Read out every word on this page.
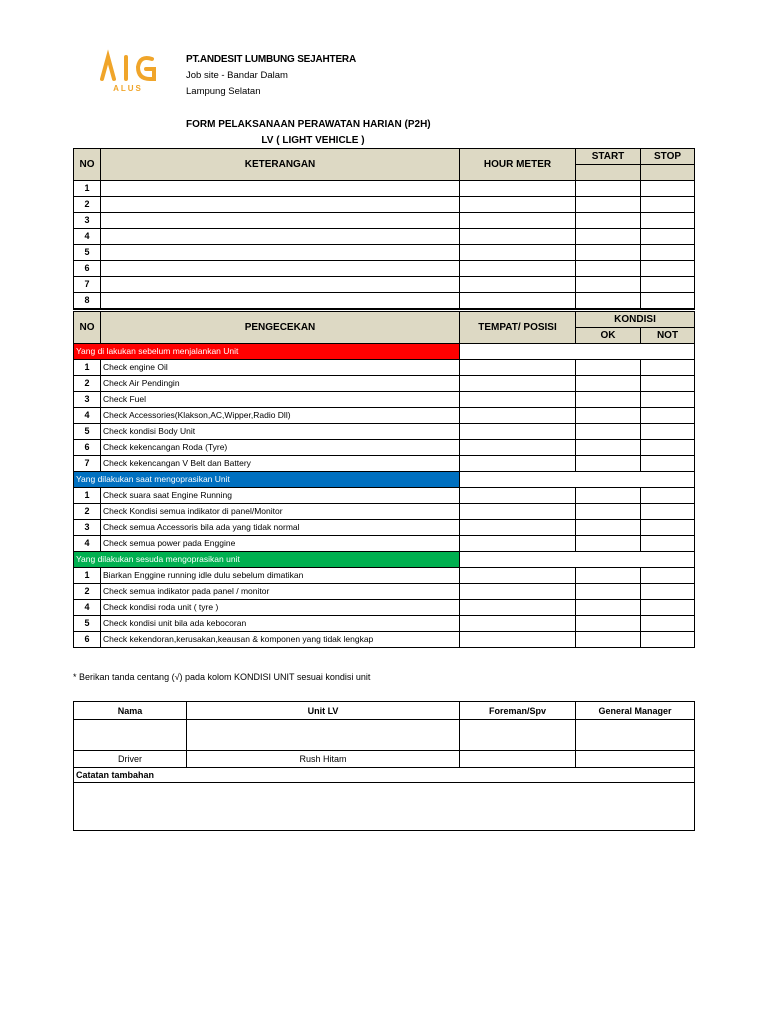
ALUS
PT.ANDESIT LUMBUNG SEJAHTERA
Job site - Bandar Dalam
Lampung Selatan
FORM PELAKSANAAN PERAWATAN HARIAN (P2H)
LV ( LIGHT VEHICLE )
NO	KETERANGAN	HOUR METER	START	STOP

1				
2				
3				
4				
5				
6				
7				
8				
NO	PENGECEKAN	TEMPAT/ POSISI	KONDISI	
			OK	NOT
Yang di lakukan sebelum menjalankan Unit				
1	Check engine Oil			
2	Check Air Pendingin			
3	Check Fuel			
4	Check Accessories(Klakson,AC,Wipper,Radio Dll)			
5	Check kondisi Body Unit			
6	Check kekencangan Roda (Tyre)			
7	Check kekencangan V Belt dan Battery			
Yang dilakukan saat mengoprasikan Unit				
1	Check suara saat Engine Running			
2	Check Kondisi semua indikator di panel/Monitor			
3	Check semua Accessoris bila ada yang tidak normal			
4	Check semua power pada Enggine			
Yang dilakukan sesuda mengoprasikan unit				
1	Biarkan Enggine running idle dulu sebelum dimatikan			
2	Check semua indikator pada panel / monitor			
4	Check kondisi roda unit ( tyre )			
5	Check kondisi unit bila ada kebocoran			
6	Check kekendoran,kerusakan,keausan & komponen yang tidak lengkap			
* Berikan tanda centang (√) pada kolom KONDISI UNIT sesuai kondisi unit
Nama	Unit LV	Foreman/Spv	General Manager

Driver	Rush Hitam		
Catatan tambahan			
